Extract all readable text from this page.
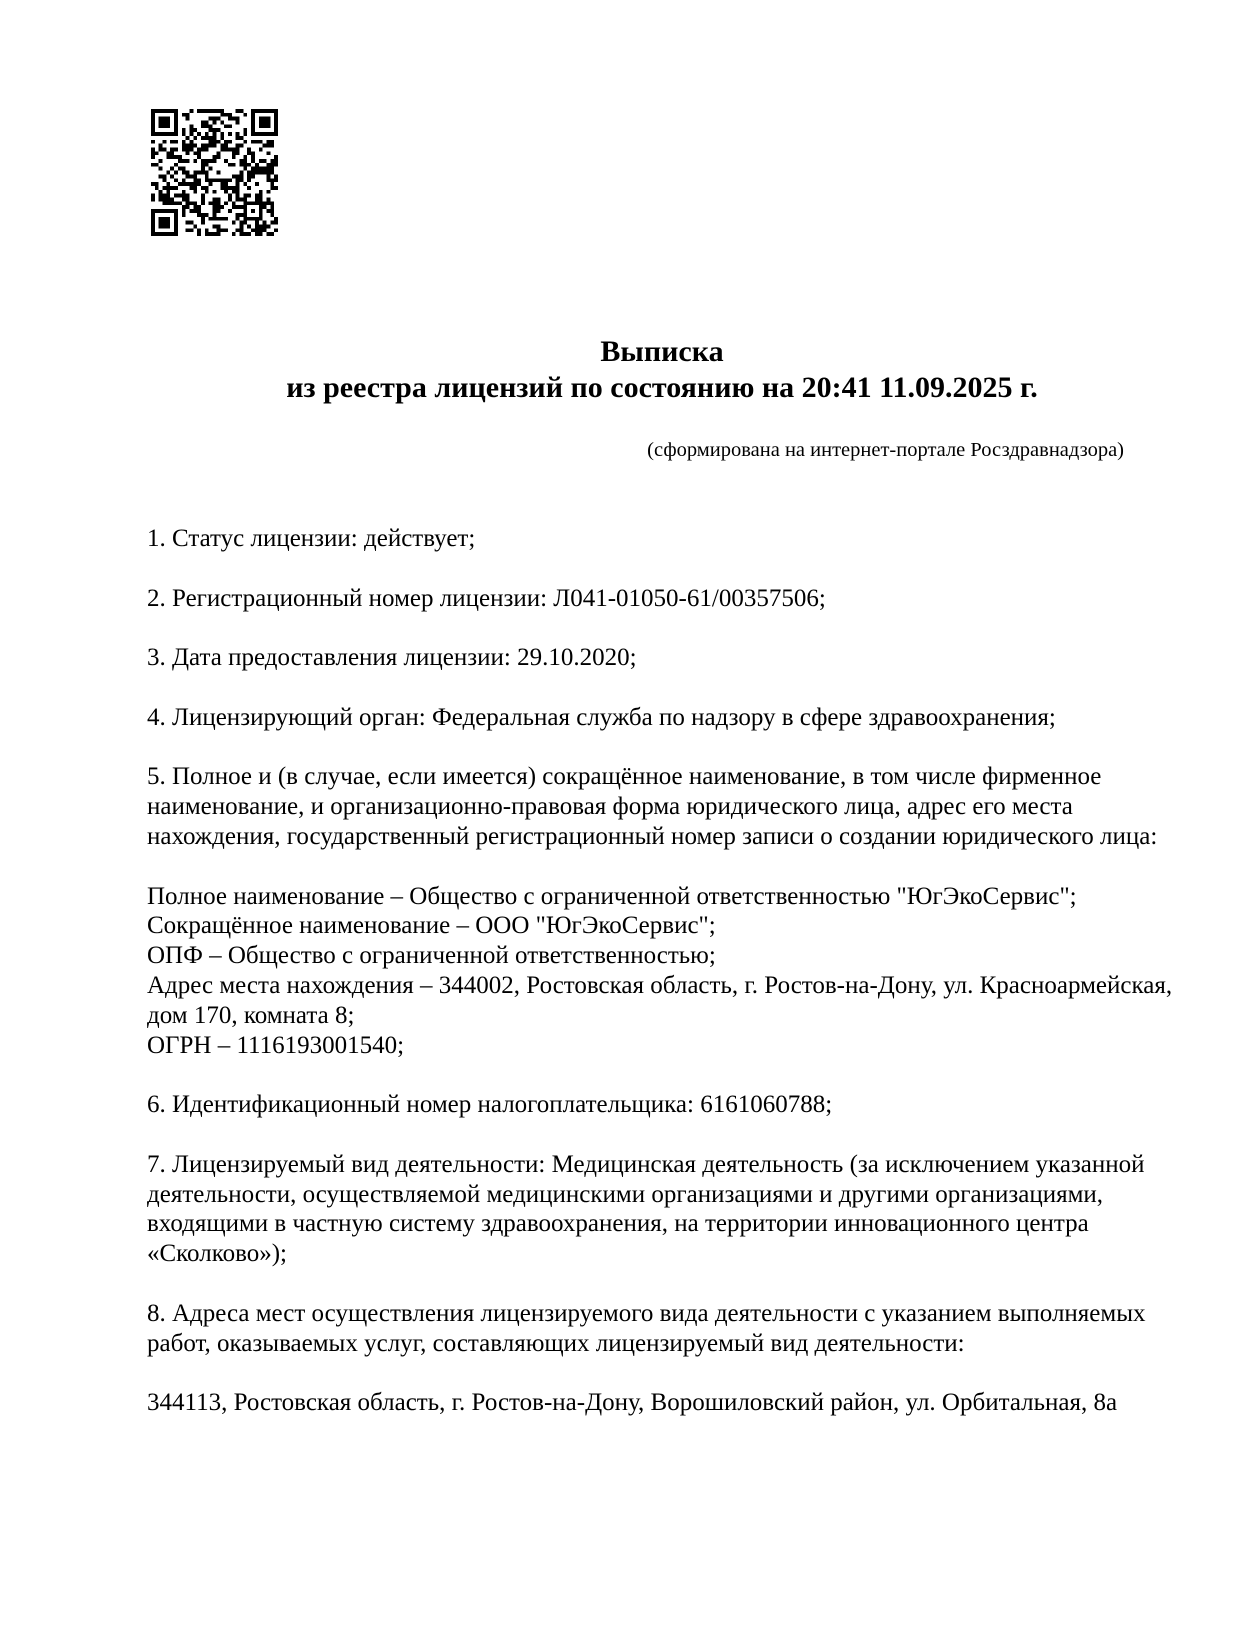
Выписка
из реестра лицензий по состоянию на 20:41 11.09.2025 г.
(сформирована на интернет-портале Росздравнадзора)
1. Статус лицензии: действует;
2. Регистрационный номер лицензии: Л041-01050-61/00357506;
3. Дата предоставления лицензии: 29.10.2020;
4. Лицензирующий орган: Федеральная служба по надзору в сфере здравоохранения;
5. Полное и (в случае, если имеется) сокращённое наименование, в том числе фирменное
наименование, и организационно-правовая форма юридического лица, адрес его места
нахождения, государственный регистрационный номер записи о создании юридического лица:
Полное наименование – Общество с ограниченной ответственностью "ЮгЭкоСервис";
Сокращённое наименование – ООО "ЮгЭкоСервис";
ОПФ – Общество с ограниченной ответственностью;
Адрес места нахождения – 344002, Ростовская область, г. Ростов-на-Дону, ул. Красноармейская,
дом 170, комната 8;
ОГРН – 1116193001540;
6. Идентификационный номер налогоплательщика: 6161060788;
7. Лицензируемый вид деятельности: Медицинская деятельность (за исключением указанной
деятельности, осуществляемой медицинскими организациями и другими организациями,
входящими в частную систему здравоохранения, на территории инновационного центра
«Сколково»);
8. Адреса мест осуществления лицензируемого вида деятельности с указанием выполняемых
работ, оказываемых услуг, составляющих лицензируемый вид деятельности:
344113, Ростовская область, г. Ростов-на-Дону, Ворошиловский район, ул. Орбитальная, 8а
